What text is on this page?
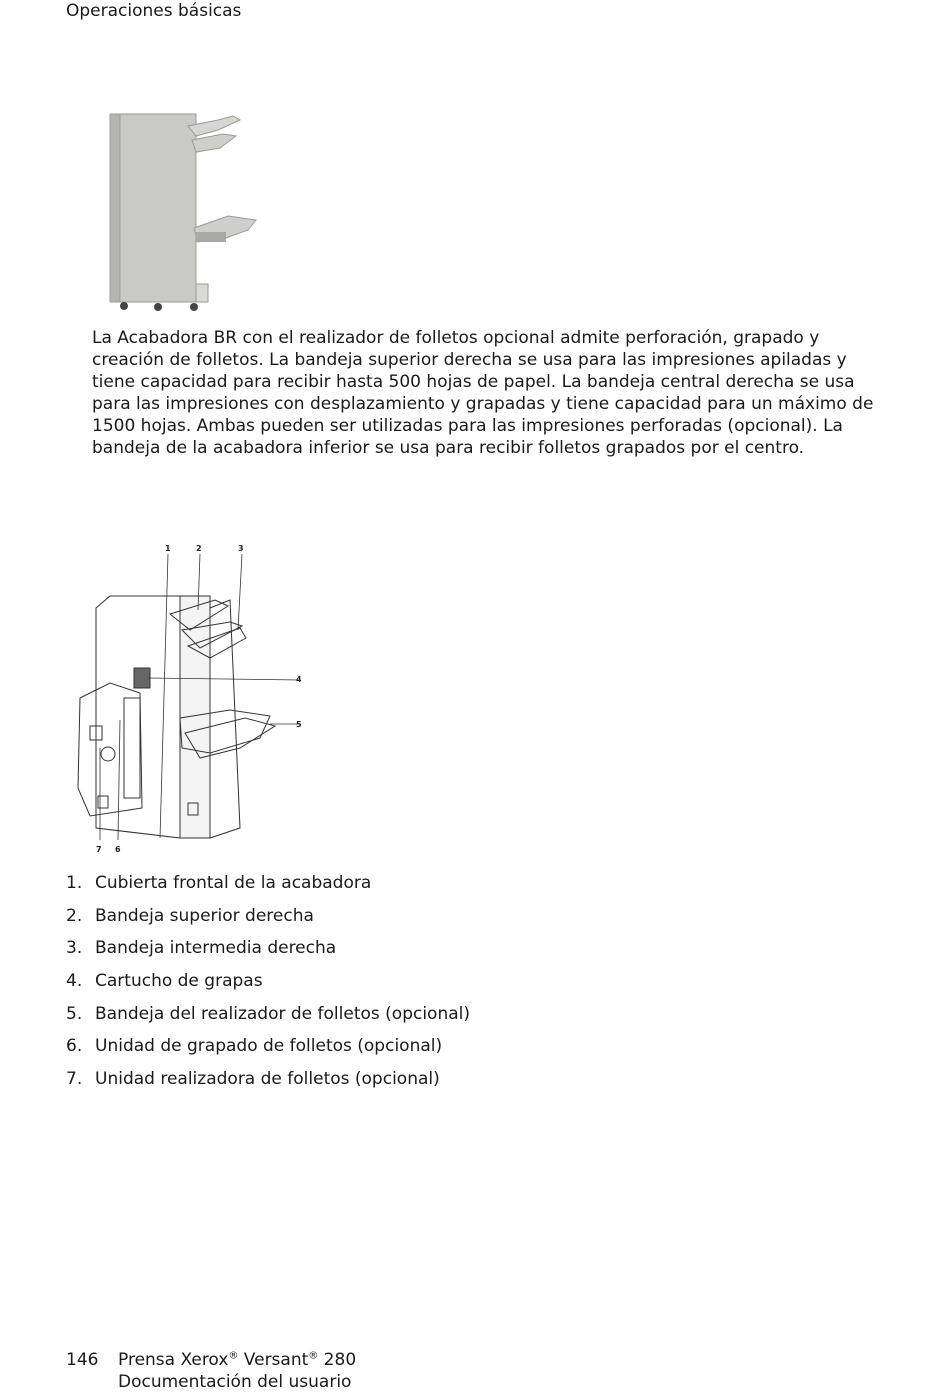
Operaciones básicas

La Acabadora BR con el realizador de folletos opcional admite perforación, grapado y creación de folletos. La bandeja superior derecha se usa para las impresiones apiladas y tiene capacidad para recibir hasta 500 hojas de papel. La bandeja central derecha se usa para las impresiones con desplazamiento y grapadas y tiene capacidad para un máximo de 1500 hojas. Ambas pueden ser utilizadas para las impresiones perforadas (opcional). La bandeja de la acabadora inferior se usa para recibir folletos grapados por el centro.

1	2	3
4
5
6
7
1. Cubierta frontal de la acabadora
2. Bandeja superior derecha
3. Bandeja intermedia derecha
4. Cartucho de grapas
5. Bandeja del realizador de folletos (opcional)
6. Unidad de grapado de folletos (opcional)
7. Unidad realizadora de folletos (opcional)
146 Prensa Xerox® Versant® 280
Documentación del usuario
